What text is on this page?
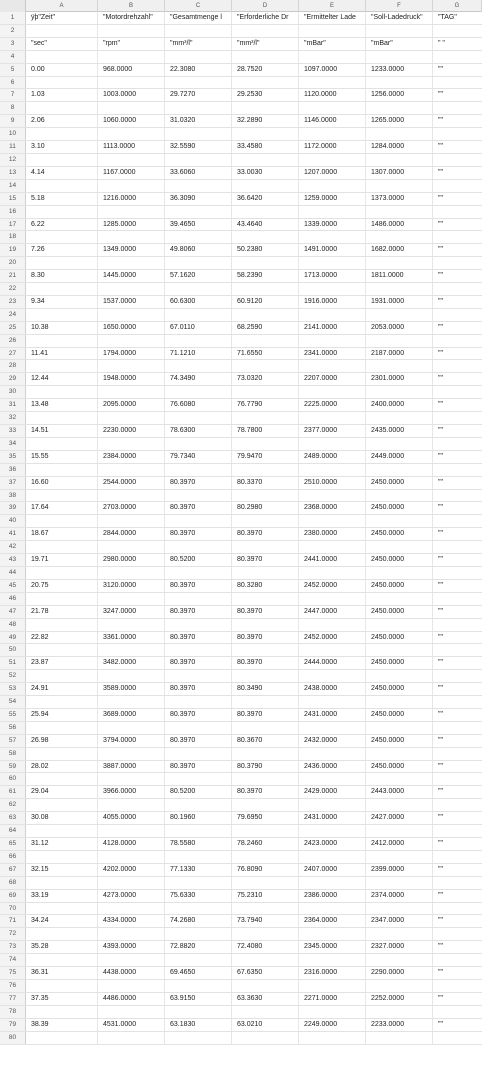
A	B	C	D	E	F	G
1	ÿþ"Zeit"	"Motordrehzahl"	"Gesamtmenge l	"Erforderliche Dr	"Ermittelter Lade	"Soll-Ladedruck"	"TAG"
2
3	"sec"	"rpm"	"mm³/l"	"mm³/l"	"mBar"	"mBar"	" "
4
5	0.00	968.0000	22.3080	28.7520	1097.0000	1233.0000	""
6
7	1.03	1003.0000	29.7270	29.2530	1120.0000	1256.0000	""
8
9	2.06	1060.0000	31.0320	32.2890	1146.0000	1265.0000	""
10
11	3.10	1113.0000	32.5590	33.4580	1172.0000	1284.0000	""
12
13	4.14	1167.0000	33.6060	33.0030	1207.0000	1307.0000	""
14
15	5.18	1216.0000	36.3090	36.6420	1259.0000	1373.0000	""
16
17	6.22	1285.0000	39.4650	43.4640	1339.0000	1486.0000	""
18
19	7.26	1349.0000	49.8060	50.2380	1491.0000	1682.0000	""
20
21	8.30	1445.0000	57.1620	58.2390	1713.0000	1811.0000	""
22
23	9.34	1537.0000	60.6300	60.9120	1916.0000	1931.0000	""
24
25	10.38	1650.0000	67.0110	68.2590	2141.0000	2053.0000	""
26
27	11.41	1794.0000	71.1210	71.6550	2341.0000	2187.0000	""
28
29	12.44	1948.0000	74.3490	73.0320	2207.0000	2301.0000	""
30
31	13.48	2095.0000	76.6080	76.7790	2225.0000	2400.0000	""
32
33	14.51	2230.0000	78.6300	78.7800	2377.0000	2435.0000	""
34
35	15.55	2384.0000	79.7340	79.9470	2489.0000	2449.0000	""
36
37	16.60	2544.0000	80.3970	80.3370	2510.0000	2450.0000	""
38
39	17.64	2703.0000	80.3970	80.2980	2368.0000	2450.0000	""
40
41	18.67	2844.0000	80.3970	80.3970	2380.0000	2450.0000	""
42
43	19.71	2980.0000	80.5200	80.3970	2441.0000	2450.0000	""
44
45	20.75	3120.0000	80.3970	80.3280	2452.0000	2450.0000	""
46
47	21.78	3247.0000	80.3970	80.3970	2447.0000	2450.0000	""
48
49	22.82	3361.0000	80.3970	80.3970	2452.0000	2450.0000	""
50
51	23.87	3482.0000	80.3970	80.3970	2444.0000	2450.0000	""
52
53	24.91	3589.0000	80.3970	80.3490	2438.0000	2450.0000	""
54
55	25.94	3689.0000	80.3970	80.3970	2431.0000	2450.0000	""
56
57	26.98	3794.0000	80.3970	80.3670	2432.0000	2450.0000	""
58
59	28.02	3887.0000	80.3970	80.3790	2436.0000	2450.0000	""
60
61	29.04	3966.0000	80.5200	80.3970	2429.0000	2443.0000	""
62
63	30.08	4055.0000	80.1960	79.6950	2431.0000	2427.0000	""
64
65	31.12	4128.0000	78.5580	78.2460	2423.0000	2412.0000	""
66
67	32.15	4202.0000	77.1330	76.8090	2407.0000	2399.0000	""
68
69	33.19	4273.0000	75.6330	75.2310	2386.0000	2374.0000	""
70
71	34.24	4334.0000	74.2680	73.7940	2364.0000	2347.0000	""
72
73	35.28	4393.0000	72.8820	72.4080	2345.0000	2327.0000	""
74
75	36.31	4438.0000	69.4650	67.6350	2316.0000	2290.0000	""
76
77	37.35	4486.0000	63.9150	63.3630	2271.0000	2252.0000	""
78
79	38.39	4531.0000	63.1830	63.0210	2249.0000	2233.0000	""
80
